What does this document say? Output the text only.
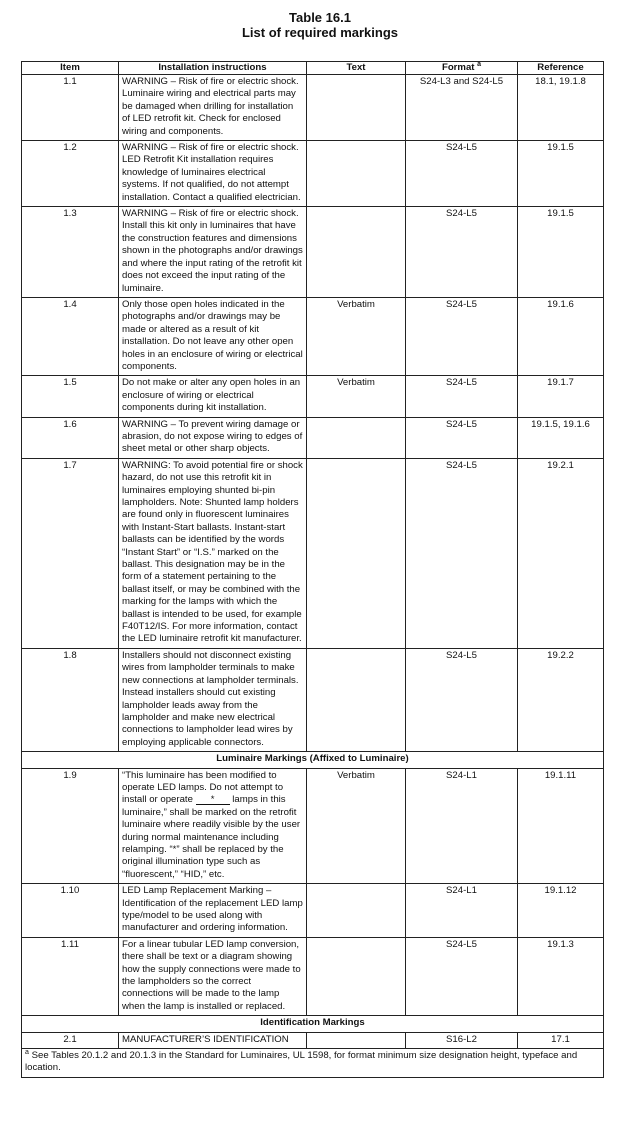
Table 16.1

List of required markings

Item	Installation instructions	Text	Format $^a$	Reference
1.1	WARNING – Risk of fire or electric shock. Luminaire wiring and electrical parts may be damaged when drilling for installation of LED retrofit kit. Check for enclosed wiring and components.		S24-L3 and S24-L5	18.1, 19.1.8
1.2	WARNING – Risk of fire or electric shock. LED Retrofit Kit installation requires knowledge of luminaires electrical systems. If not qualified, do not attempt installation. Contact a qualified electrician.		S24-L5	19.1.5
1.3	WARNING – Risk of fire or electric shock. Install this kit only in luminaires that have the construction features and dimensions shown in the photographs and/or drawings and where the input rating of the retrofit kit does not exceed the input rating of the luminaire.		S24-L5	19.1.5
1.4	Only those open holes indicated in the photographs and/or drawings may be made or altered as a result of kit installation. Do not leave any other open holes in an enclosure of wiring or electrical components.	Verbatim	S24-L5	19.1.6
1.5	Do not make or alter any open holes in an enclosure of wiring or electrical components during kit installation.	Verbatim	S24-L5	19.1.7
1.6	WARNING – To prevent wiring damage or abrasion, do not expose wiring to edges of sheet metal or other sharp objects.		S24-L5	19.1.5, 19.1.6
1.7	WARNING: To avoid potential fire or shock hazard, do not use this retrofit kit in luminaires employing shunted bi-pin lampholders. Note: Shunted lamp holders are found only in fluorescent luminaires with Instant-Start ballasts. Instant-start ballasts can be identified by the words “Instant Start” or “I.S.” marked on the ballast. This designation may be in the form of a statement pertaining to the ballast itself, or may be combined with the marking for the lamps with which the ballast is intended to be used, for example F40T12/IS. For more information, contact the LED luminaire retrofit kit manufacturer.		S24-L5	19.2.1
1.8	Installers should not disconnect existing wires from lampholder terminals to make new connections at lampholder terminals. Instead installers should cut existing lampholder leads away from the lampholder and make new electrical connections to lampholder lead wires by employing applicable connectors.		S24-L5	19.2.2
Luminaire Markings (Affixed to Luminaire)				
1.9	“This luminaire has been modified to operate LED lamps. Do not attempt to install or operate * lamps in this luminaire,” shall be marked on the retrofit luminaire where readily visible by the user during normal maintenance including relamping. “*” shall be replaced by the original illumination type such as “fluorescent,” “HID,” etc.	Verbatim	S24-L1	19.1.11
1.10	LED Lamp Replacement Marking – Identification of the replacement LED lamp type/model to be used along with manufacturer and ordering information.		S24-L1	19.1.12
1.11	For a linear tubular LED lamp conversion, there shall be text or a diagram showing how the supply connections were made to the lampholders so the correct connections will be made to the lamp when the lamp is installed or replaced.		S24-L5	19.1.3
Identification Markings				
2.1	MANUFACTURER’S IDENTIFICATION		S16-L2	17.1
$^a$ See Tables 20.1.2 and 20.1.3 in the Standard for Luminaires, UL 1598, for format minimum size designation height, typeface and location.				
